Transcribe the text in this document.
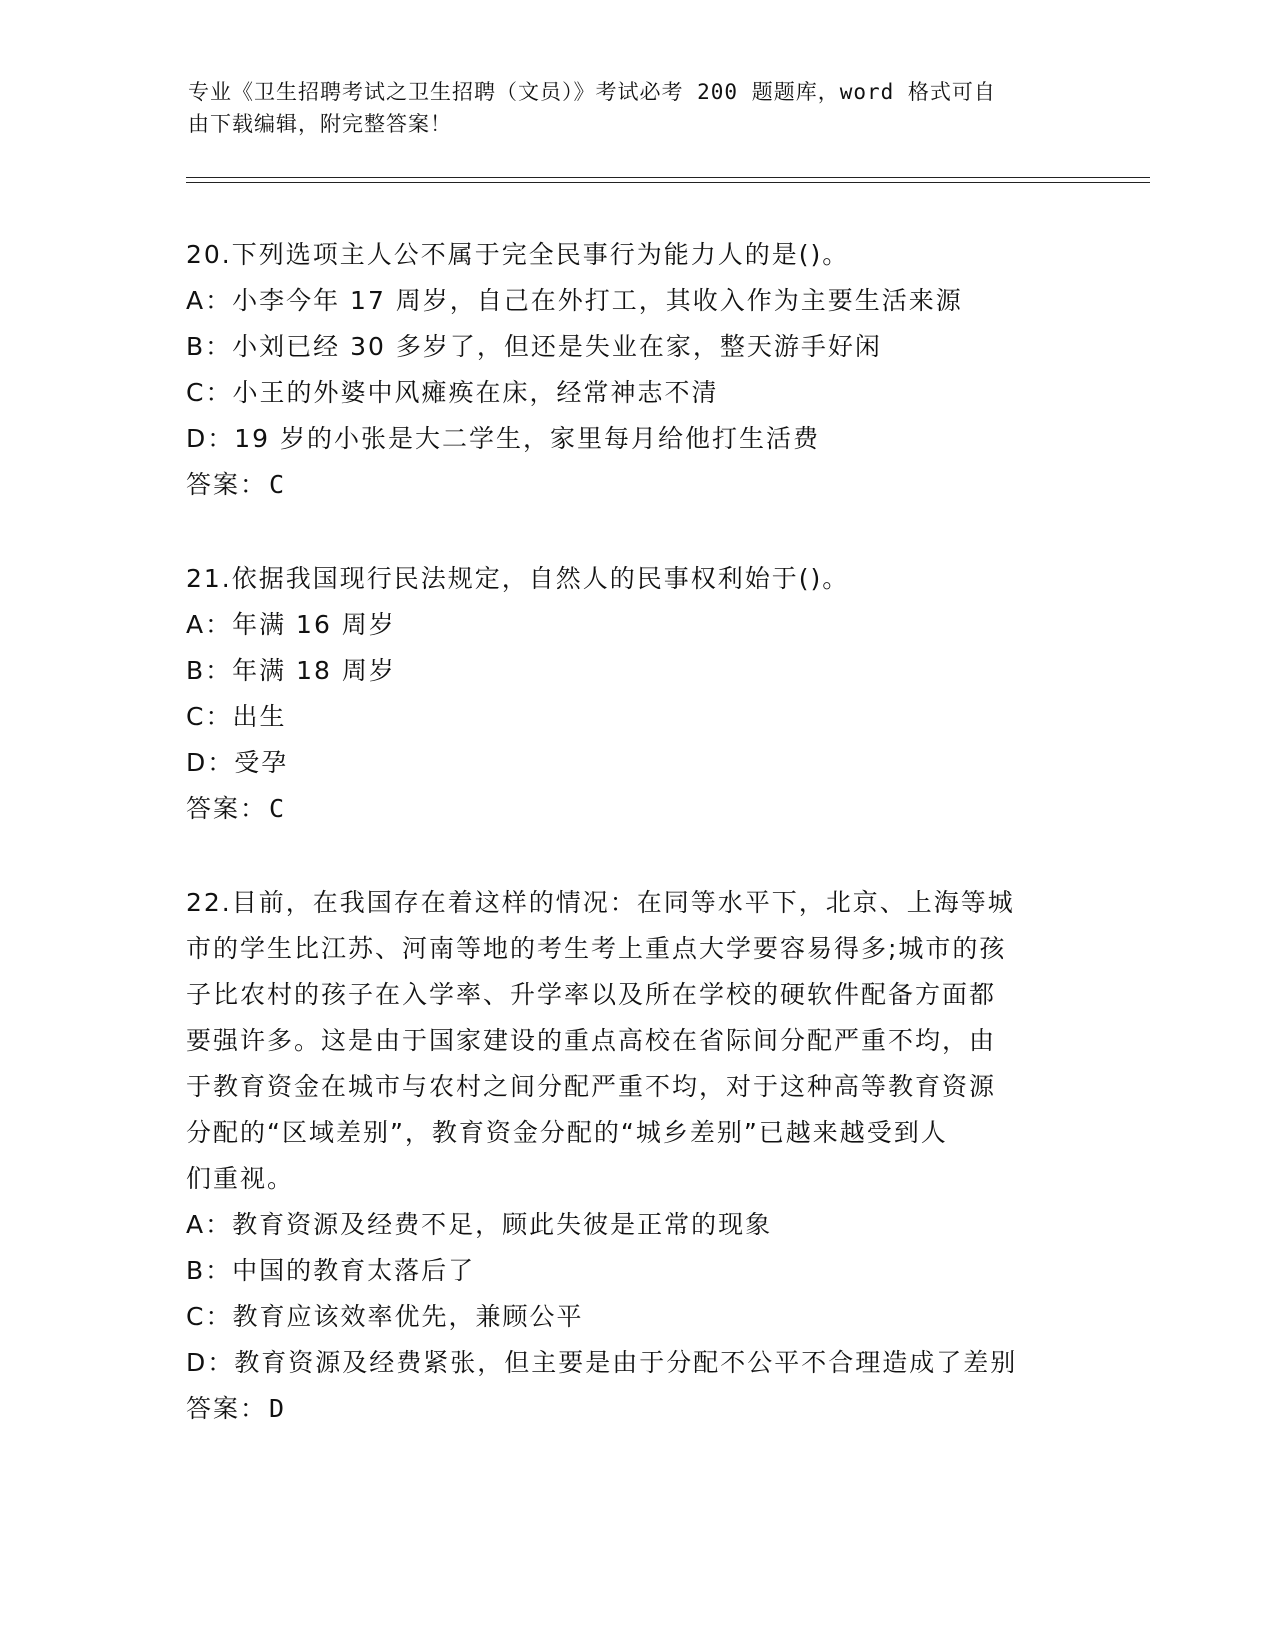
专业《卫生招聘考试之卫生招聘（文员）》考试必考 200 题题库，word 格式可自
由下载编辑，附完整答案！
20.下列选项主人公不属于完全民事行为能力人的是()。
A：小李今年 17 周岁，自己在外打工，其收入作为主要生活来源
B：小刘已经 30 多岁了，但还是失业在家，整天游手好闲
C：小王的外婆中风瘫痪在床，经常神志不清
D：19 岁的小张是大二学生，家里每月给他打生活费
答案：C
21.依据我国现行民法规定，自然人的民事权利始于()。
A：年满 16 周岁
B：年满 18 周岁
C：出生
D：受孕
答案：C
22.目前，在我国存在着这样的情况：在同等水平下，北京、上海等城
市的学生比江苏、河南等地的考生考上重点大学要容易得多;城市的孩
子比农村的孩子在入学率、升学率以及所在学校的硬软件配备方面都
要强许多。这是由于国家建设的重点高校在省际间分配严重不均，由
于教育资金在城市与农村之间分配严重不均，对于这种高等教育资源
分配的“区域差别”，教育资金分配的“城乡差别”已越来越受到人
们重视。
A：教育资源及经费不足，顾此失彼是正常的现象
B：中国的教育太落后了
C：教育应该效率优先，兼顾公平
D：教育资源及经费紧张，但主要是由于分配不公平不合理造成了差别
答案：D
